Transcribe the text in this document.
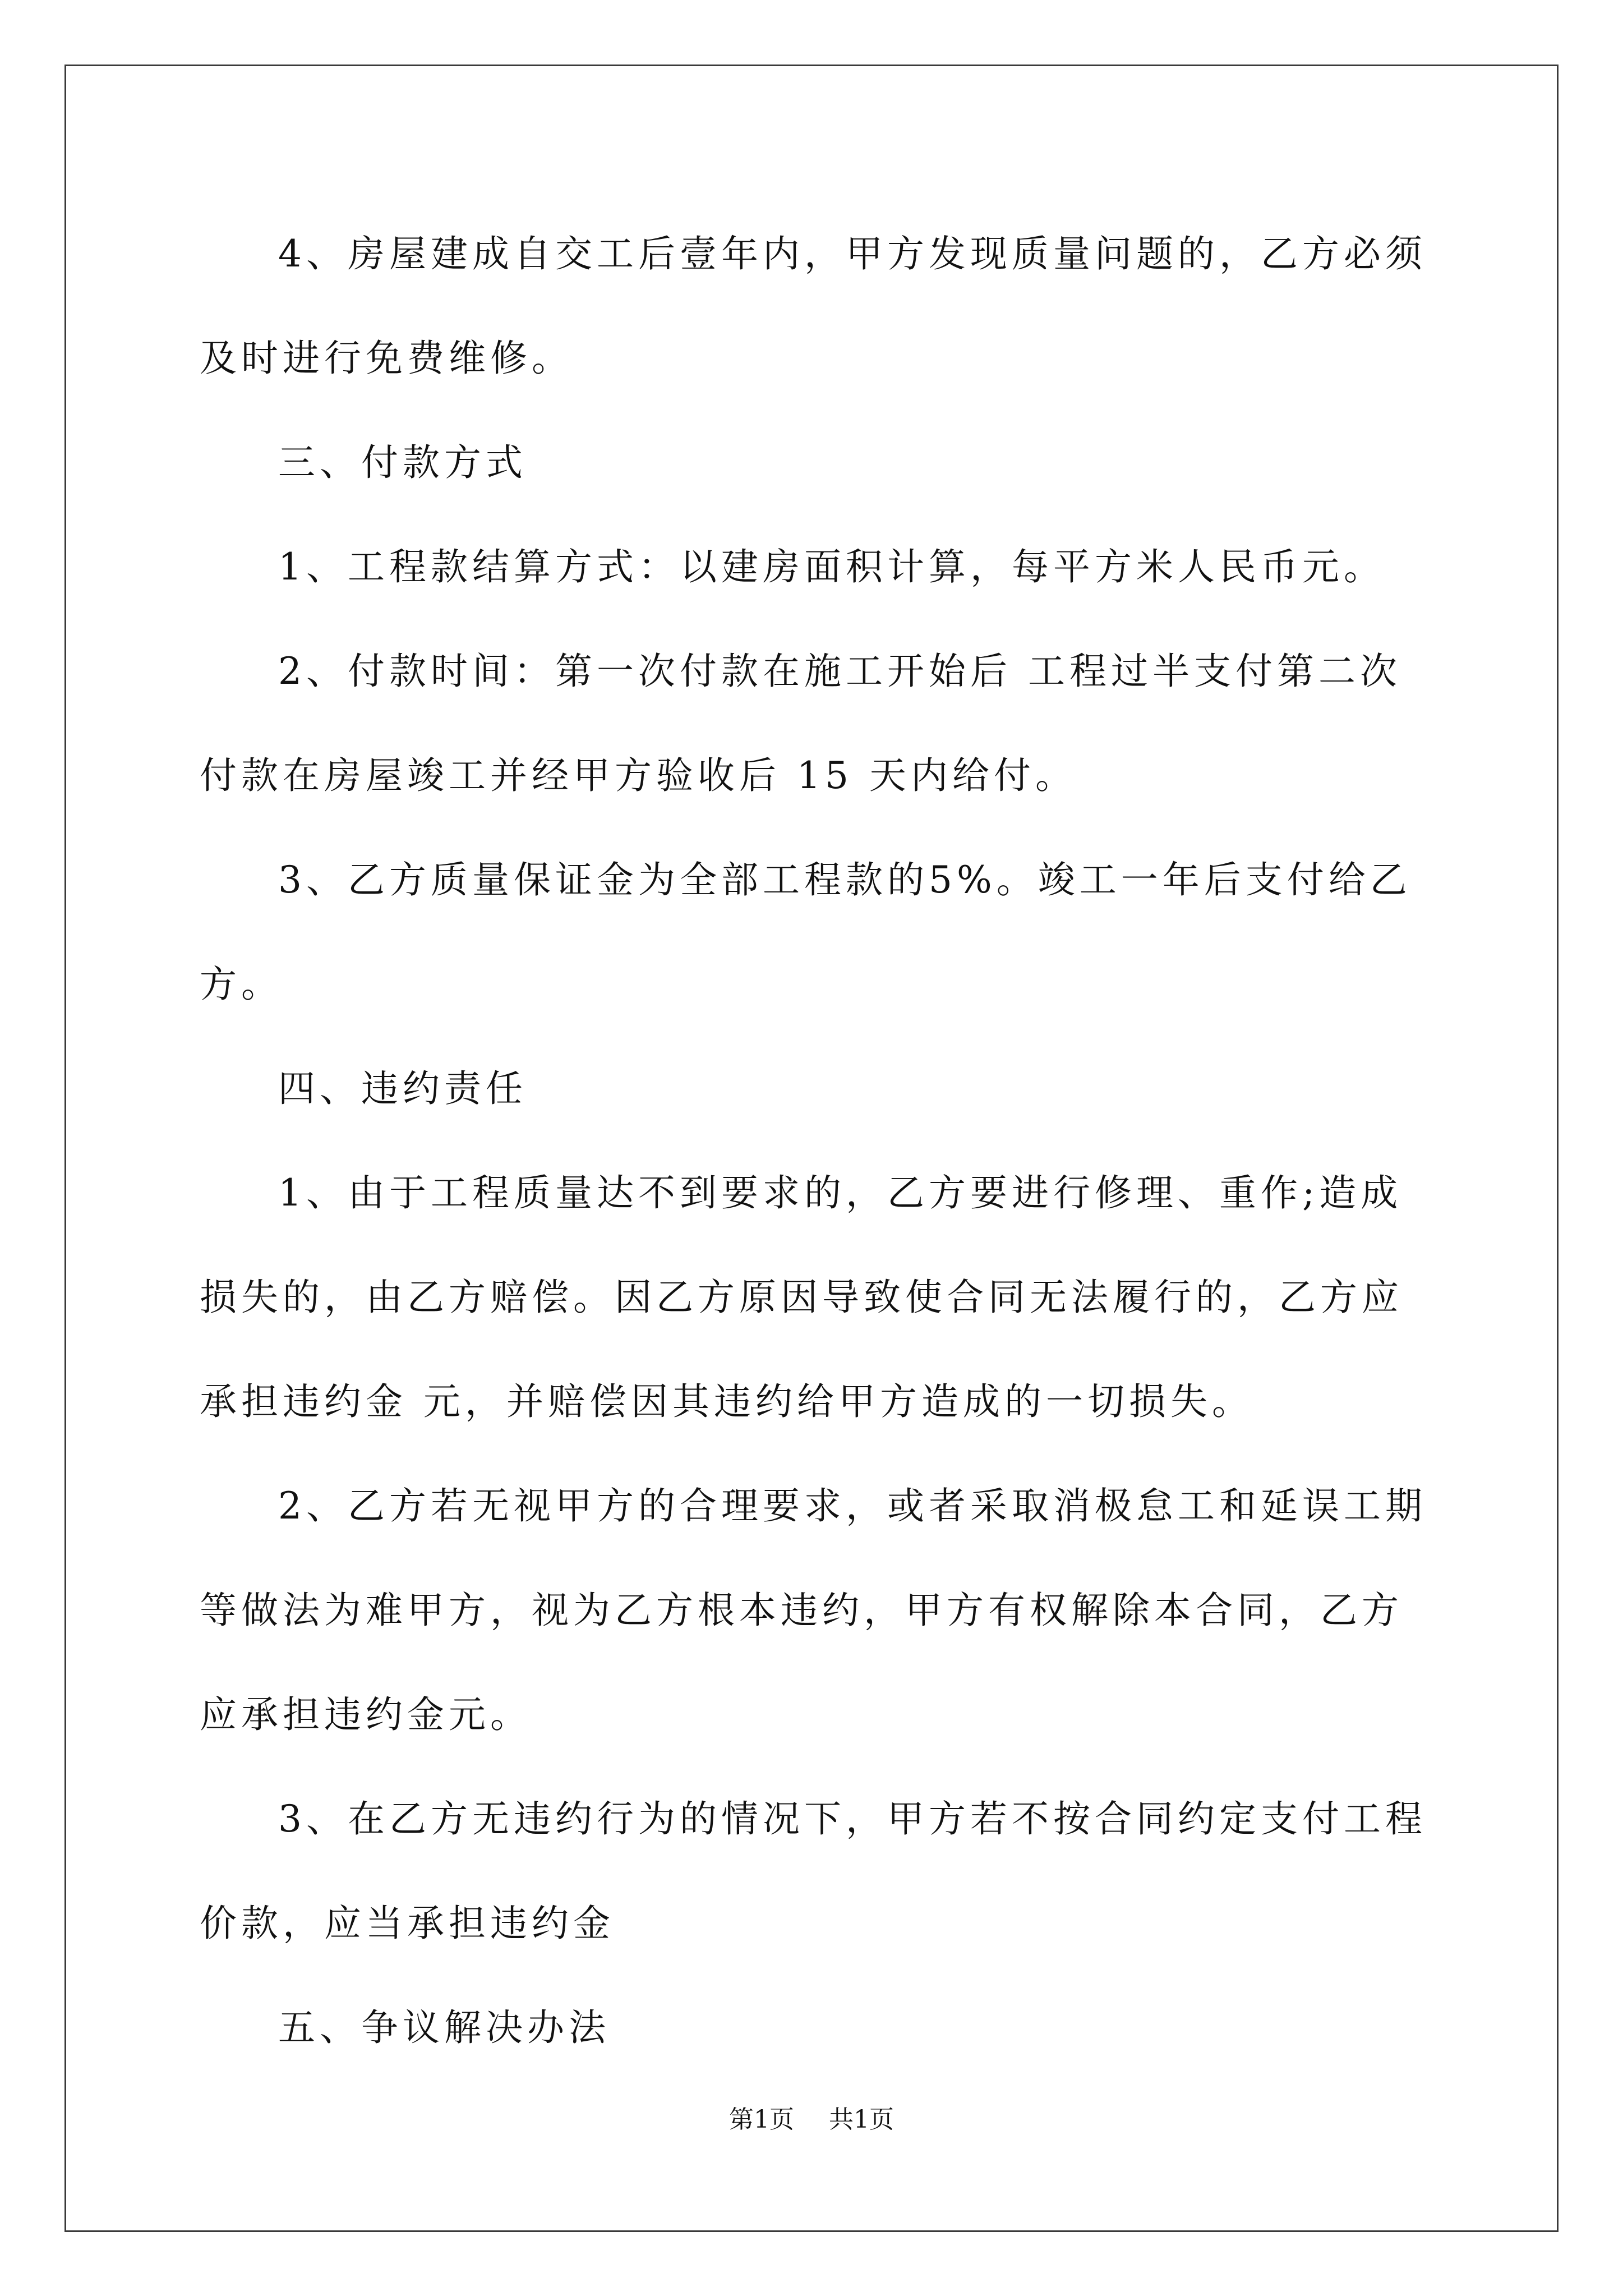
4、房屋建成自交工后壹年内，甲方发现质量问题的，乙方必须及时进行免费维修。

三、付款方式

1、工程款结算方式：以建房面积计算，每平方米人民币元。

2、付款时间：第一次付款在施工开始后 工程过半支付第二次付款在房屋竣工并经甲方验收后 15 天内给付。

3、乙方质量保证金为全部工程款的5%。竣工一年后支付给乙方。

四、违约责任

1、由于工程质量达不到要求的，乙方要进行修理、重作;造成损失的，由乙方赔偿。因乙方原因导致使合同无法履行的，乙方应承担违约金 元，并赔偿因其违约给甲方造成的一切损失。

2、乙方若无视甲方的合理要求，或者采取消极怠工和延误工期等做法为难甲方，视为乙方根本违约，甲方有权解除本合同，乙方应承担违约金元。

3、在乙方无违约行为的情况下，甲方若不按合同约定支付工程价款，应当承担违约金

五、争议解决办法

第1页 共1页
